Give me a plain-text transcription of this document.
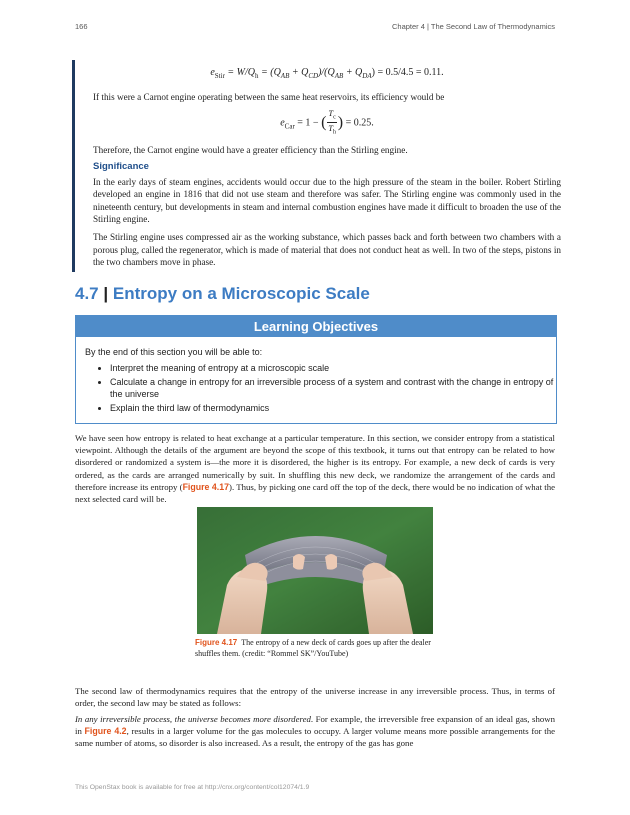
166	Chapter 4 | The Second Law of Thermodynamics

$e_{Stir} = W/Q_h = (Q_{AB} + Q_{CD})/(Q_{AB} + Q_{DA}) = 0.5/4.5 = 0.11$.

If this were a Carnot engine operating between the same heat reservoirs, its efficiency would be

$e_{Car} = 1$ − ( $\frac{T_c}{T_h}$ ) = 0.25.

Therefore, the Carnot engine would have a greater efficiency than the Stirling engine.

Significance

In the early days of steam engines, accidents would occur due to the high pressure of the steam in the boiler. Robert Stirling developed an engine in 1816 that did not use steam and therefore was safer. The Stirling engine was commonly used in the nineteenth century, but developments in steam and internal combustion engines have made it difficult to broaden the use of the Stirling engine.

The Stirling engine uses compressed air as the working substance, which passes back and forth between two chambers with a porous plug, called the regenerator, which is made of material that does not conduct heat as well. In two of the steps, pistons in the two chambers move in phase.

4.7 | Entropy on a Microscopic Scale
Learning Objectives
By the end of this section you will be able to:
• Interpret the meaning of entropy at a microscopic scale
• Calculate a change in entropy for an irreversible process of a system and contrast with the change in entropy of the universe
• Explain the third law of thermodynamics

We have seen how entropy is related to heat exchange at a particular temperature. In this section, we consider entropy from a statistical viewpoint. Although the details of the argument are beyond the scope of this textbook, it turns out that entropy can be related to how disordered or randomized a system is—the more it is disordered, the higher is its entropy. For example, a new deck of cards is very ordered, as the cards are arranged numerically by suit. In shuffling this new deck, we randomize the arrangement of the cards and therefore increase its entropy (Figure 4.17). Thus, by picking one card off the top of the deck, there would be no indication of what the next selected card will be.

Figure 4.17 The entropy of a new deck of cards goes up after the dealer shuffles them. (credit: “Rommel SK”/YouTube)

The second law of thermodynamics requires that the entropy of the universe increase in any irreversible process. Thus, in terms of order, the second law may be stated as follows:

In any irreversible process, the universe becomes more disordered. For example, the irreversible free expansion of an ideal gas, shown in Figure 4.2, results in a larger volume for the gas molecules to occupy. A larger volume means more possible arrangements for the same number of atoms, so disorder is also increased. As a result, the entropy of the gas has gone

This OpenStax book is available for free at http://cnx.org/content/col12074/1.9
